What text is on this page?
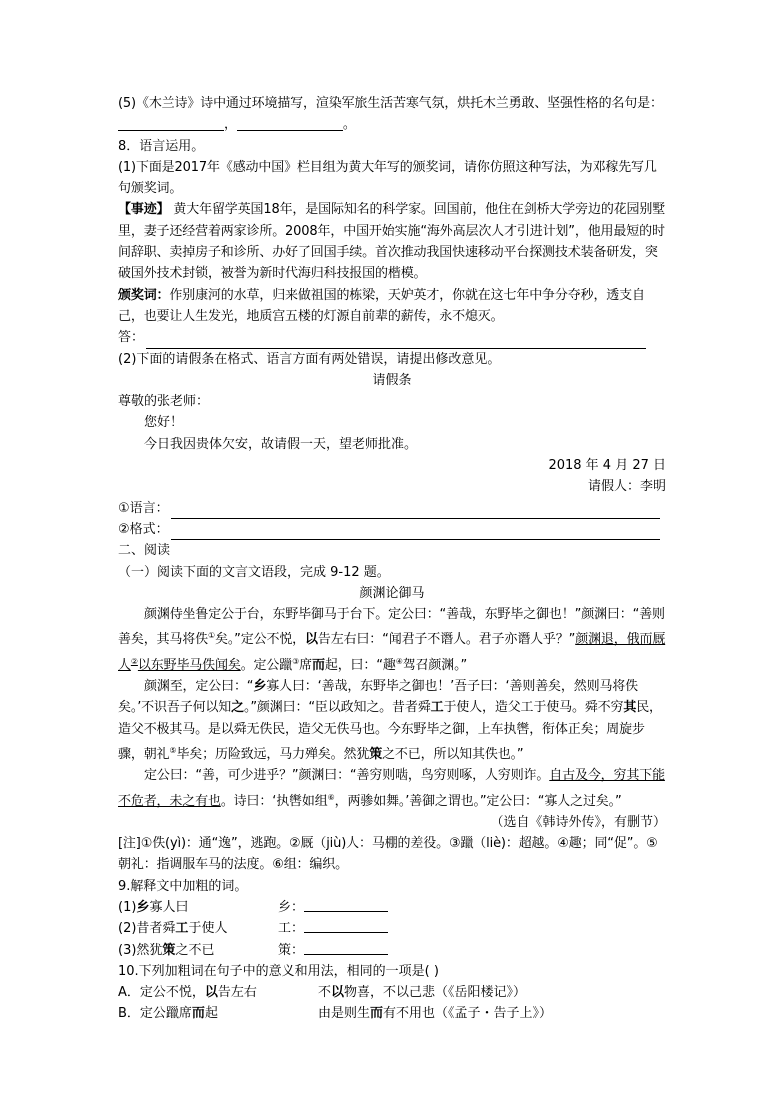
(5)《木兰诗》诗中通过环境描写，渲染军旅生活苦寒气氛，烘托木兰勇敢、坚强性格的名句是：，	。
8．语言运用。
(1)下面是2017年《感动中国》栏目组为黄大年写的颁奖词，请你仿照这种写法，为邓稼先写几句颁奖词。
【事迹】 黄大年留学英国18年，是国际知名的科学家。回国前，他住在剑桥大学旁边的花园别墅里，妻子还经营着两家诊所。2008年，中国开始实施“海外高层次人才引进计划”，他用最短的时间辞职、卖掉房子和诊所、办好了回国手续。首次推动我国快速移动平台探测技术装备研发，突破国外技术封锁，被誉为新时代海归科技报国的楷模。
颁奖词：作别康河的水草，归来做祖国的栋梁，天妒英才，你就在这七年中争分夺秒，透支自己，也要让人生发光，地质宫五楼的灯源自前辈的薪传，永不熄灭。
答：
(2)下面的请假条在格式、语言方面有两处错误，请提出修改意见。
请假条
尊敬的张老师：
您好！
今日我因贵体欠安，故请假一天，望老师批准。
2018 年 4 月 27 日
请假人：李明
①语言：
②格式：
二、阅读
（一）阅读下面的文言文语段，完成 9-12 题。
颜渊论御马
颜渊侍坐鲁定公于台，东野毕御马于台下。定公曰：“善哉，东野毕之御也！”颜渊曰：“善则善矣，其马将佚①矣。”定公不悦，以告左右曰：“闻君子不谮人。君子亦谮人乎？”颜渊退，俄而厩人②以东野毕马佚闻矣。定公躐③席而起，曰：“趣④驾召颜渊。”
颜渊至，定公曰：“乡寡人曰：‘善哉，东野毕之御也！’吾子曰：‘善则善矣，然则马将佚矣。’不识吾子何以知之。”颜渊曰：“臣以政知之。昔者舜工于使人，造父工于使马。舜不穷其民，造父不极其马。是以舜无佚民，造父无佚马也。今东野毕之御，上车执辔，衔体正矣；周旋步骤，朝礼⑤毕矣；历险致远，马力殚矣。然犹策之不已，所以知其佚也。”
定公曰：“善，可少进乎？”颜渊曰：“善穷则啮，鸟穷则啄，人穷则诈。自古及今，穷其下能不危者，未之有也。诗曰：‘执辔如组⑥，两骖如舞。’善御之谓也。”定公曰：“寡人之过矣。”
（选自《韩诗外传》，有删节）
[注]①佚(yì)：通“逸”，逃跑。②厩（jiù)人：马棚的差役。③躐（liè)：超越。④趣；同“促”。⑤朝礼：指调服车马的法度。⑥组：编织。
9.解释文中加粗的词。
(1)乡寡人曰	乡：
(2)昔者舜工于使人	工：
(3)然犹策之不已	策：
10.下列加粗词在句子中的意义和用法，相同的一项是( )
A．定公不悦，以告左右	不以物喜，不以己悲（《岳阳楼记》）
B．定公躐席而起	由是则生而有不用也（《孟子・告子上》）
